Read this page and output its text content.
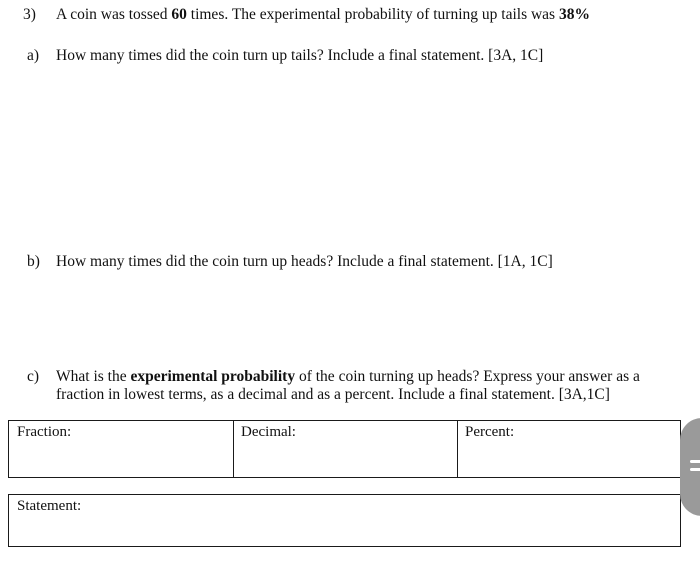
3) A coin was tossed 60 times. The experimental probability of turning up tails was 38%
a) How many times did the coin turn up tails? Include a final statement. [3A, 1C]
b) How many times did the coin turn up heads? Include a final statement. [1A, 1C]
c) What is the experimental probability of the coin turning up heads? Express your answer as a
fraction in lowest terms, as a decimal and as a percent. Include a final statement. [3A,1C]
Fraction:	Decimal:	Percent:
Statement:
